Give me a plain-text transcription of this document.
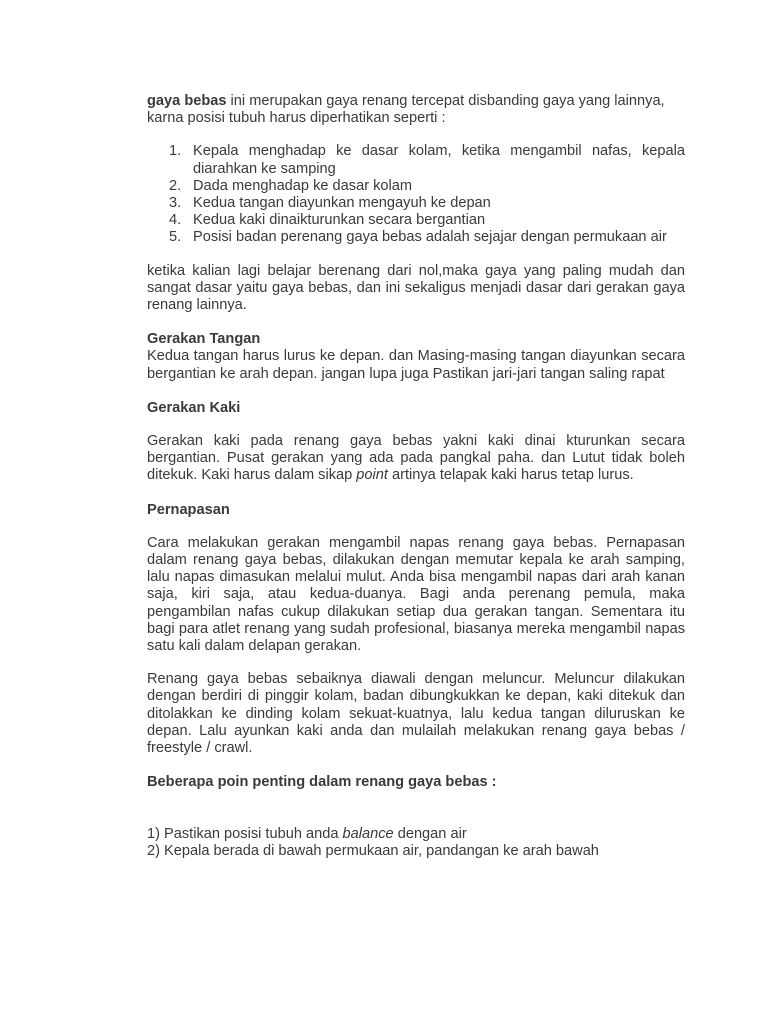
gaya bebas ini merupakan gaya renang tercepat disbanding gaya yang lainnya, karna posisi tubuh harus diperhatikan seperti :

1. Kepala menghadap ke dasar kolam, ketika mengambil nafas, kepala diarahkan ke samping
2. Dada menghadap ke dasar kolam
3. Kedua tangan diayunkan mengayuh ke depan
4. Kedua kaki dinaikturunkan secara bergantian
5. Posisi badan perenang gaya bebas adalah sejajar dengan permukaan air

ketika kalian lagi belajar berenang dari nol,maka gaya yang paling mudah dan sangat dasar yaitu gaya bebas, dan ini sekaligus menjadi dasar dari gerakan gaya renang lainnya.

Gerakan Tangan

Kedua tangan harus lurus ke depan. dan Masing-masing tangan diayunkan secara bergantian ke arah depan. jangan lupa juga Pastikan jari-jari tangan saling rapat

Gerakan Kaki

Gerakan kaki pada renang gaya bebas yakni kaki dinai kturunkan secara bergantian. Pusat gerakan yang ada pada pangkal paha. dan Lutut tidak boleh ditekuk. Kaki harus dalam sikap point artinya telapak kaki harus tetap lurus.

Pernapasan

Cara melakukan gerakan mengambil napas renang gaya bebas. Pernapasan dalam renang gaya bebas, dilakukan dengan memutar kepala ke arah samping, lalu napas dimasukan melalui mulut. Anda bisa mengambil napas dari arah kanan saja, kiri saja, atau kedua-duanya. Bagi anda perenang pemula, maka pengambilan nafas cukup dilakukan setiap dua gerakan tangan. Sementara itu bagi para atlet renang yang sudah profesional, biasanya mereka mengambil napas satu kali dalam delapan gerakan.

Renang gaya bebas sebaiknya diawali dengan meluncur. Meluncur dilakukan dengan berdiri di pinggir kolam, badan dibungkukkan ke depan, kaki ditekuk dan ditolakkan ke dinding kolam sekuat-kuatnya, lalu kedua tangan diluruskan ke depan. Lalu ayunkan kaki anda dan mulailah melakukan renang gaya bebas / freestyle / crawl.

Beberapa poin penting dalam renang gaya bebas :

1) Pastikan posisi tubuh anda balance dengan air

2) Kepala berada di bawah permukaan air, pandangan ke arah bawah
